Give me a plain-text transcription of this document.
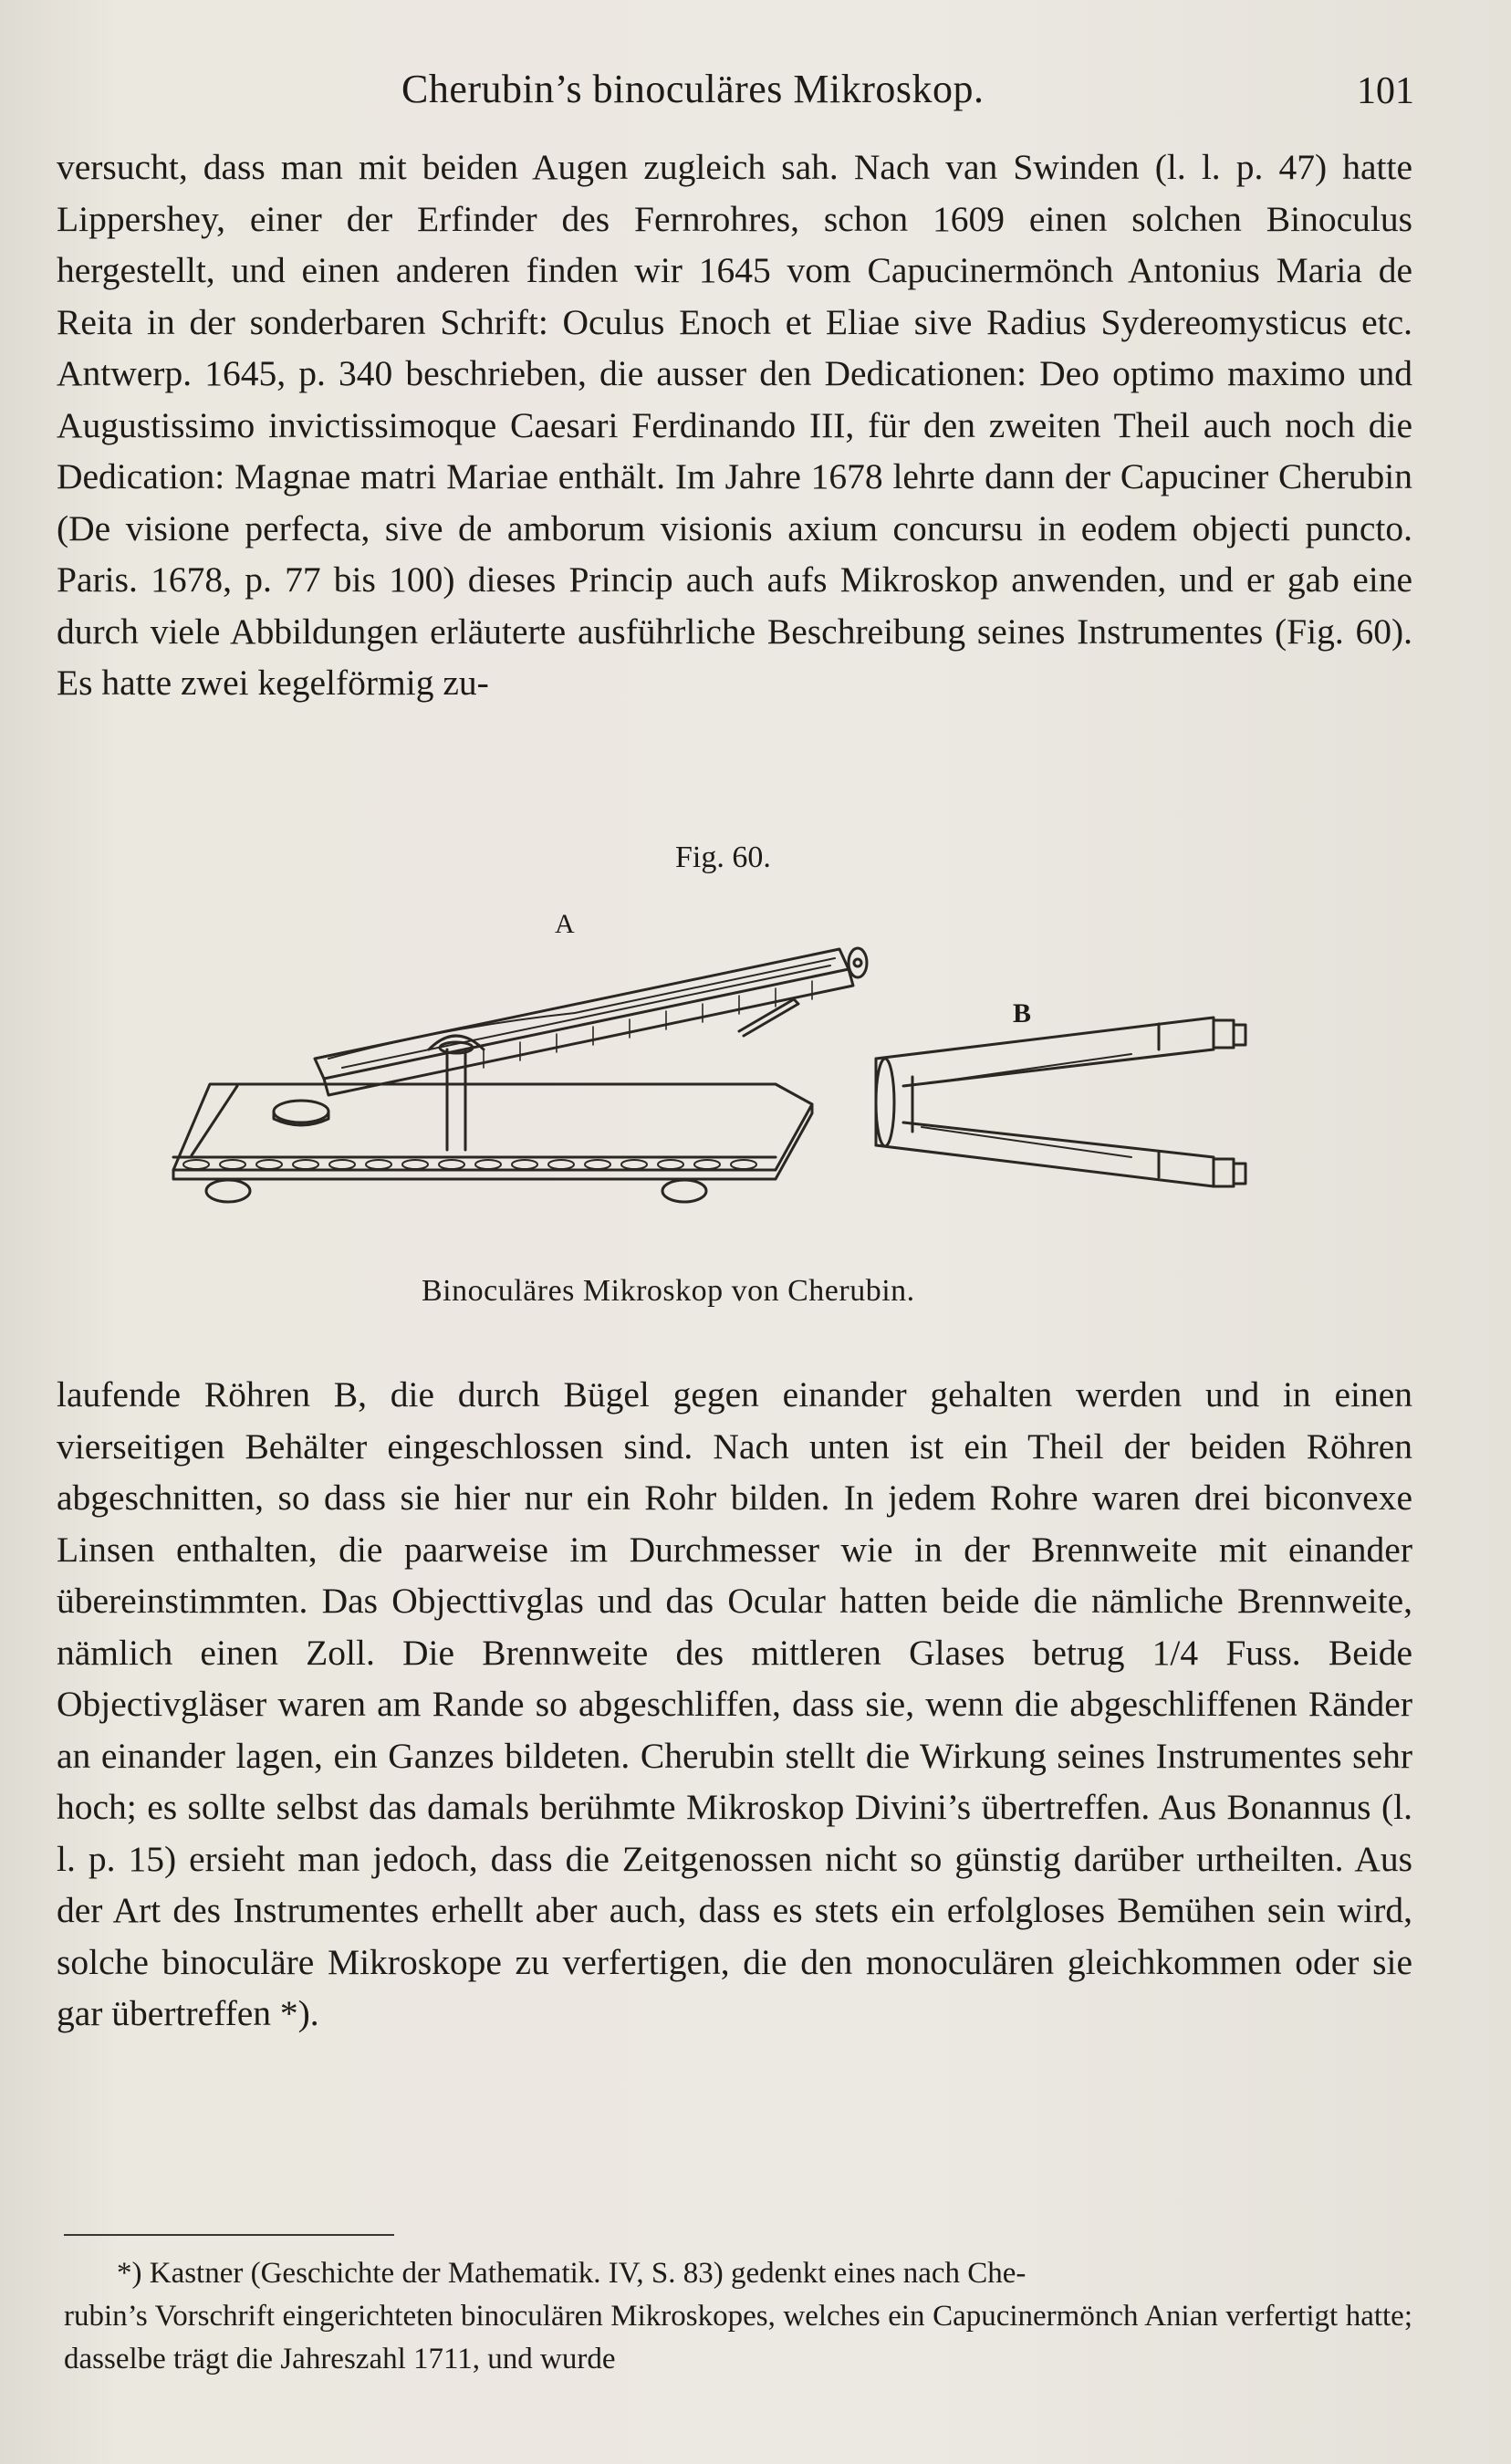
Cherubin’s binoculäres Mikroskop.	101

versucht, dass man mit beiden Augen zugleich sah. Nach van Swinden (l. l. p. 47) hatte Lippershey, einer der Erfinder des Fernrohres, schon 1609 einen solchen Binoculus hergestellt, und einen anderen finden wir 1645 vom Capucinermönch Antonius Maria de Reita in der sonderbaren Schrift: Oculus Enoch et Eliae sive Radius Sydereomysticus etc. Antwerp. 1645, p. 340 beschrieben, die ausser den Dedicationen: Deo optimo maximo und Augustissimo invictissimoque Caesari Ferdinando III, für den zweiten Theil auch noch die Dedication: Magnae matri Mariae enthält. Im Jahre 1678 lehrte dann der Capuciner Cherubin (De visione perfecta, sive de amborum visionis axium concursu in eodem objecti puncto. Paris. 1678, p. 77 bis 100) dieses Princip auch aufs Mikroskop anwenden, und er gab eine durch viele Abbildungen erläuterte ausführliche Beschreibung seines Instrumentes (Fig. 60). Es hatte zwei kegelförmig zu-

Fig. 60.
A
B
Binoculäres Mikroskop von Cherubin.

laufende Röhren B, die durch Bügel gegen einander gehalten werden und in einen vierseitigen Behälter eingeschlossen sind. Nach unten ist ein Theil der beiden Röhren abgeschnitten, so dass sie hier nur ein Rohr bilden. In jedem Rohre waren drei biconvexe Linsen enthalten, die paarweise im Durchmesser wie in der Brennweite mit einander übereinstimmten. Das Objecttivglas und das Ocular hatten beide die nämliche Brennweite, nämlich einen Zoll. Die Brennweite des mittleren Glases betrug 1/4 Fuss. Beide Objectivgläser waren am Rande so abgeschliffen, dass sie, wenn die abgeschliffenen Ränder an einander lagen, ein Ganzes bildeten. Cherubin stellt die Wirkung seines Instrumentes sehr hoch; es sollte selbst das damals berühmte Mikroskop Divini’s übertreffen. Aus Bonannus (l. l. p. 15) ersieht man jedoch, dass die Zeitgenossen nicht so günstig darüber urtheilten. Aus der Art des Instrumentes erhellt aber auch, dass es stets ein erfolgloses Bemühen sein wird, solche binoculäre Mikroskope zu verfertigen, die den monoculären gleichkommen oder sie gar übertreffen *).

*) Kastner (Geschichte der Mathematik. IV, S. 83) gedenkt eines nach Che-
rubin’s Vorschrift eingerichteten binoculären Mikroskopes, welches ein Capucinermönch Anian verfertigt hatte; dasselbe trägt die Jahreszahl 1711, und wurde
